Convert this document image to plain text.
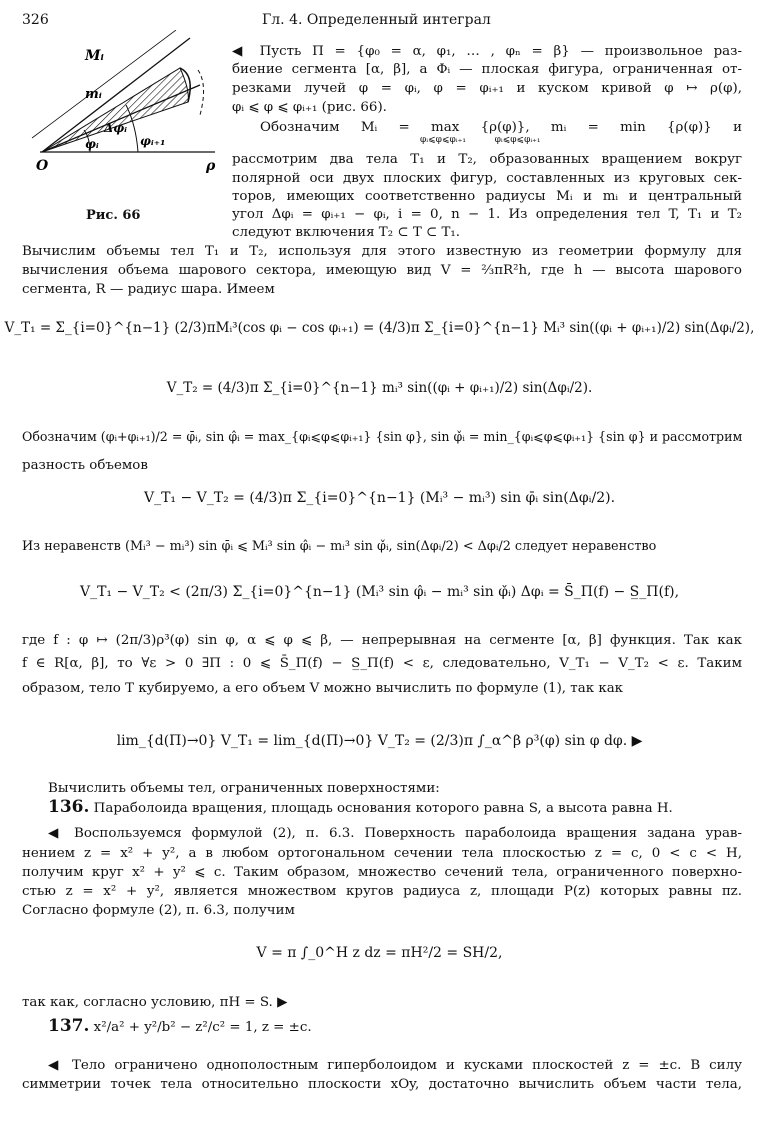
326	Гл. 4. Определенный интеграл
Mᵢ
mᵢ
Δφᵢ
φᵢ	φᵢ₊₁
O	ρ
Рис. 66
◀ Пусть Π = {φ₀ = α, φ₁, … , φₙ = β} — произвольное раз-
биение сегмента [α, β], а Φᵢ — плоская фигура, ограниченная от-
резками лучей φ = φᵢ, φ = φᵢ₊₁ и куском кривой φ ↦ ρ(φ),
φᵢ ⩽ φ ⩽ φᵢ₊₁ (рис. 66).
Обозначим Mᵢ = max {ρ(φ)}, mᵢ = min {ρ(φ)} и
φᵢ⩽φ⩽φᵢ₊₁          φᵢ⩽φ⩽φᵢ₊₁
рассмотрим два тела T₁ и T₂, образованных вращением вокруг
полярной оси двух плоских фигур, составленных из круговых сек-
торов, имеющих соответственно радиусы Mᵢ и mᵢ и центральный
угол Δφᵢ = φᵢ₊₁ − φᵢ, i = 0, n − 1. Из определения тел T, T₁ и T₂
следуют включения T₂ ⊂ T ⊂ T₁.
Вычислим объемы тел T₁ и T₂, используя для этого известную из геометрии формулу для
вычисления объема шарового сектора, имеющую вид V = ⅔πR²h, где h — высота шарового
сегмента, R — радиус шара. Имеем
V_T₁ = Σ_{i=0}^{n−1} (2/3)πMᵢ³(cos φᵢ − cos φᵢ₊₁) = (4/3)π Σ_{i=0}^{n−1} Mᵢ³ sin((φᵢ + φᵢ₊₁)/2) sin(Δφᵢ/2),
V_T₂ = (4/3)π Σ_{i=0}^{n−1} mᵢ³ sin((φᵢ + φᵢ₊₁)/2) sin(Δφᵢ/2).
Обозначим (φᵢ+φᵢ₊₁)/2 = φ̄ᵢ, sin φ̂ᵢ = max_{φᵢ⩽φ⩽φᵢ₊₁} {sin φ}, sin φ̌ᵢ = min_{φᵢ⩽φ⩽φᵢ₊₁} {sin φ} и рассмотрим
разность объемов
V_T₁ − V_T₂ = (4/3)π Σ_{i=0}^{n−1} (Mᵢ³ − mᵢ³) sin φ̄ᵢ sin(Δφᵢ/2).
Из неравенств (Mᵢ³ − mᵢ³) sin φ̄ᵢ ⩽ Mᵢ³ sin φ̂ᵢ − mᵢ³ sin φ̌ᵢ, sin(Δφᵢ/2) < Δφᵢ/2 следует неравенство
V_T₁ − V_T₂ < (2π/3) Σ_{i=0}^{n−1} (Mᵢ³ sin φ̂ᵢ − mᵢ³ sin φ̌ᵢ) Δφᵢ = S̄_Π(f) − S̲_Π(f),
где f : φ ↦ (2π/3)ρ³(φ) sin φ, α ⩽ φ ⩽ β, — непрерывная на сегменте [α, β] функция. Так как
f ∈ R[α, β], то ∀ε > 0 ∃Π : 0 ⩽ S̄_Π(f) − S̲_Π(f) < ε, следовательно, V_T₁ − V_T₂ < ε. Таким
образом, тело T кубируемо, а его объем V можно вычислить по формуле (1), так как
lim_{d(Π)→0} V_T₁ = lim_{d(Π)→0} V_T₂ = (2/3)π ∫_α^β ρ³(φ) sin φ dφ. ▶
Вычислить объемы тел, ограниченных поверхностями:
136. Параболоида вращения, площадь основания которого равна S, а высота равна H.
◀ Воспользуемся формулой (2), п. 6.3. Поверхность параболоида вращения задана урав-
нением z = x² + y², а в любом ортогональном сечении тела плоскостью z = c, 0 < c < H,
получим круг x² + y² ⩽ c. Таким образом, множество сечений тела, ограниченного поверхно-
стью z = x² + y², является множеством кругов радиуса z, площади P(z) которых равны πz.
Согласно формуле (2), п. 6.3, получим
V = π ∫_0^H z dz = πH²/2 = SH/2,
так как, согласно условию, πH = S. ▶
137. x²/a² + y²/b² − z²/c² = 1, z = ±c.
◀ Тело ограничено однополостным гиперболоидом и кусками плоскостей z = ±c. В силу
симметрии точек тела относительно плоскости xOy, достаточно вычислить объем части тела,
